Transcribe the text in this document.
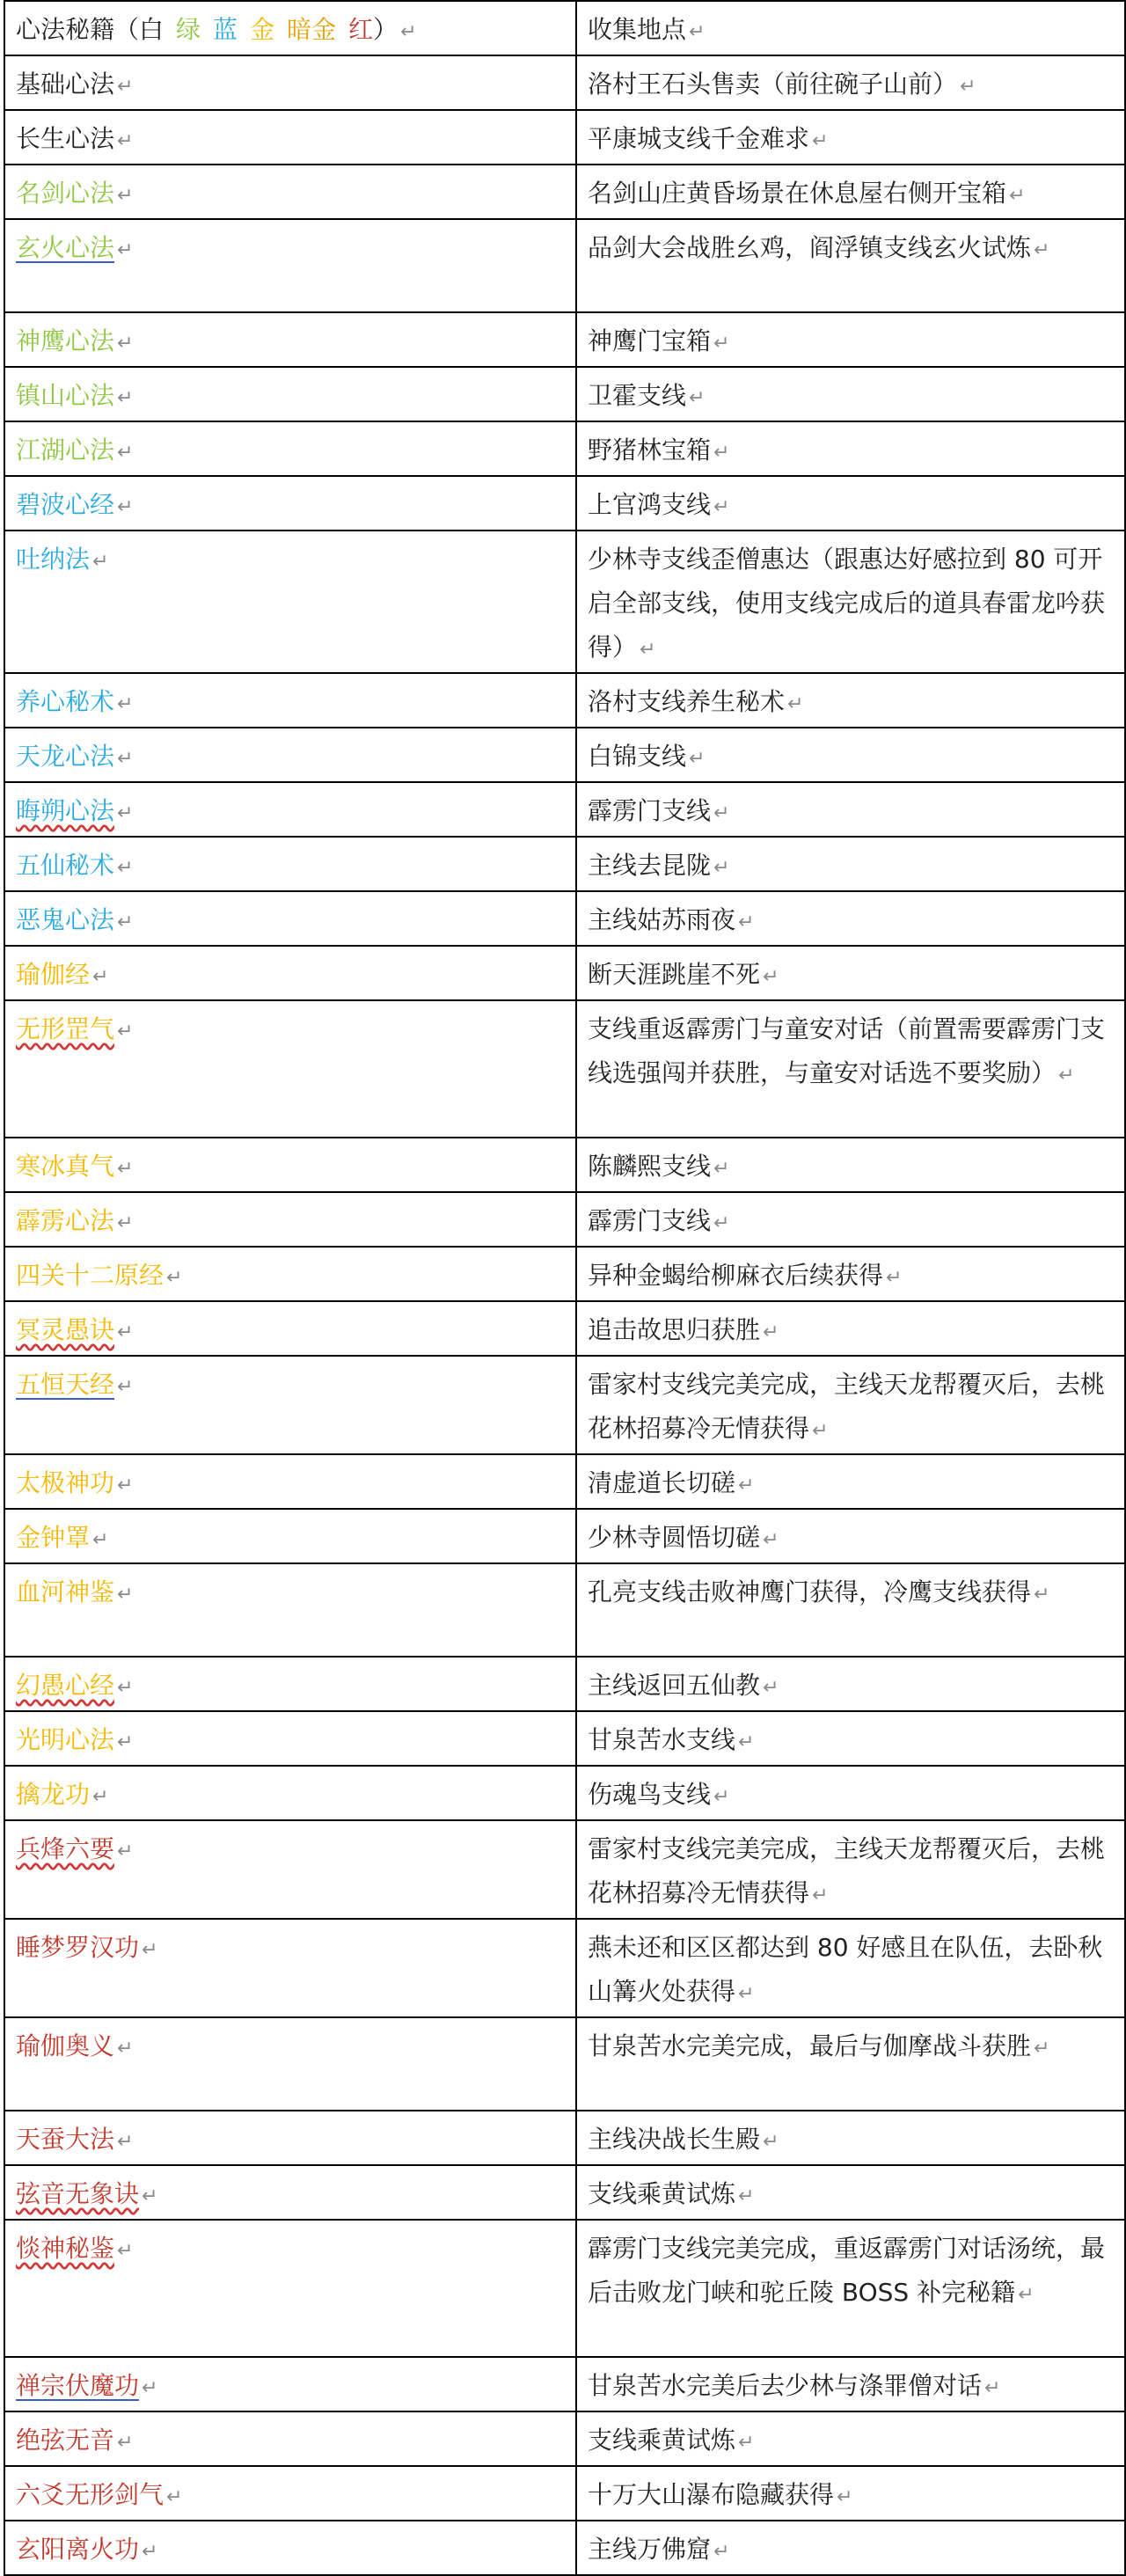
心法秘籍（白 绿 蓝 金 暗金 红） ↵	收集地点 ↵
基础心法 ↵	洛村王石头售卖（前往碗子山前） ↵
长生心法 ↵	平康城支线千金难求 ↵
名剑心法 ↵	名剑山庄黄昏场景在休息屋右侧开宝箱 ↵
玄火心法 ↵	品剑大会战胜幺鸡，阎浮镇支线玄火试炼 ↵
神鹰心法 ↵	神鹰门宝箱 ↵
镇山心法 ↵	卫霍支线 ↵
江湖心法 ↵	野猪林宝箱 ↵
碧波心经 ↵	上官鸿支线 ↵
吐纳法 ↵	少林寺支线歪僧惠达（跟惠达好感拉到 80 可开启全部支线，使用支线完成后的道具春雷龙吟获得） ↵
养心秘术 ↵	洛村支线养生秘术 ↵
天龙心法 ↵	白锦支线 ↵
晦朔心法 ↵	霹雳门支线 ↵
五仙秘术 ↵	主线去昆陇 ↵
恶鬼心法 ↵	主线姑苏雨夜 ↵
瑜伽经 ↵	断天涯跳崖不死 ↵
无形罡气 ↵	支线重返霹雳门与童安对话（前置需要霹雳门支线选强闯并获胜，与童安对话选不要奖励） ↵
寒冰真气 ↵	陈麟熙支线 ↵
霹雳心法 ↵	霹雳门支线 ↵
四关十二原经 ↵	异种金蝎给柳麻衣后续获得 ↵
冥灵愚诀 ↵	追击故思归获胜 ↵
五恒天经 ↵	雷家村支线完美完成，主线天龙帮覆灭后，去桃花林招募冷无情获得 ↵
太极神功 ↵	清虚道长切磋 ↵
金钟罩 ↵	少林寺圆悟切磋 ↵
血河神鉴 ↵	孔亮支线击败神鹰门获得，冷鹰支线获得 ↵
幻愚心经 ↵	主线返回五仙教 ↵
光明心法 ↵	甘泉苦水支线 ↵
擒龙功 ↵	伤魂鸟支线 ↵
兵烽六要 ↵	雷家村支线完美完成，主线天龙帮覆灭后，去桃花林招募冷无情获得 ↵
睡梦罗汉功 ↵	燕未还和区区都达到 80 好感且在队伍，去卧秋山篝火处获得 ↵
瑜伽奥义 ↵	甘泉苦水完美完成，最后与伽摩战斗获胜 ↵
天蚕大法 ↵	主线决战长生殿 ↵
弦音无象诀 ↵	支线乘黄试炼 ↵
惔神秘鉴 ↵	霹雳门支线完美完成，重返霹雳门对话汤统，最后击败龙门峡和驼丘陵 BOSS 补完秘籍 ↵
禅宗伏魔功 ↵	甘泉苦水完美后去少林与涤罪僧对话 ↵
绝弦无音 ↵	支线乘黄试炼 ↵
六爻无形剑气 ↵	十万大山瀑布隐藏获得 ↵
玄阳离火功 ↵	主线万佛窟 ↵
